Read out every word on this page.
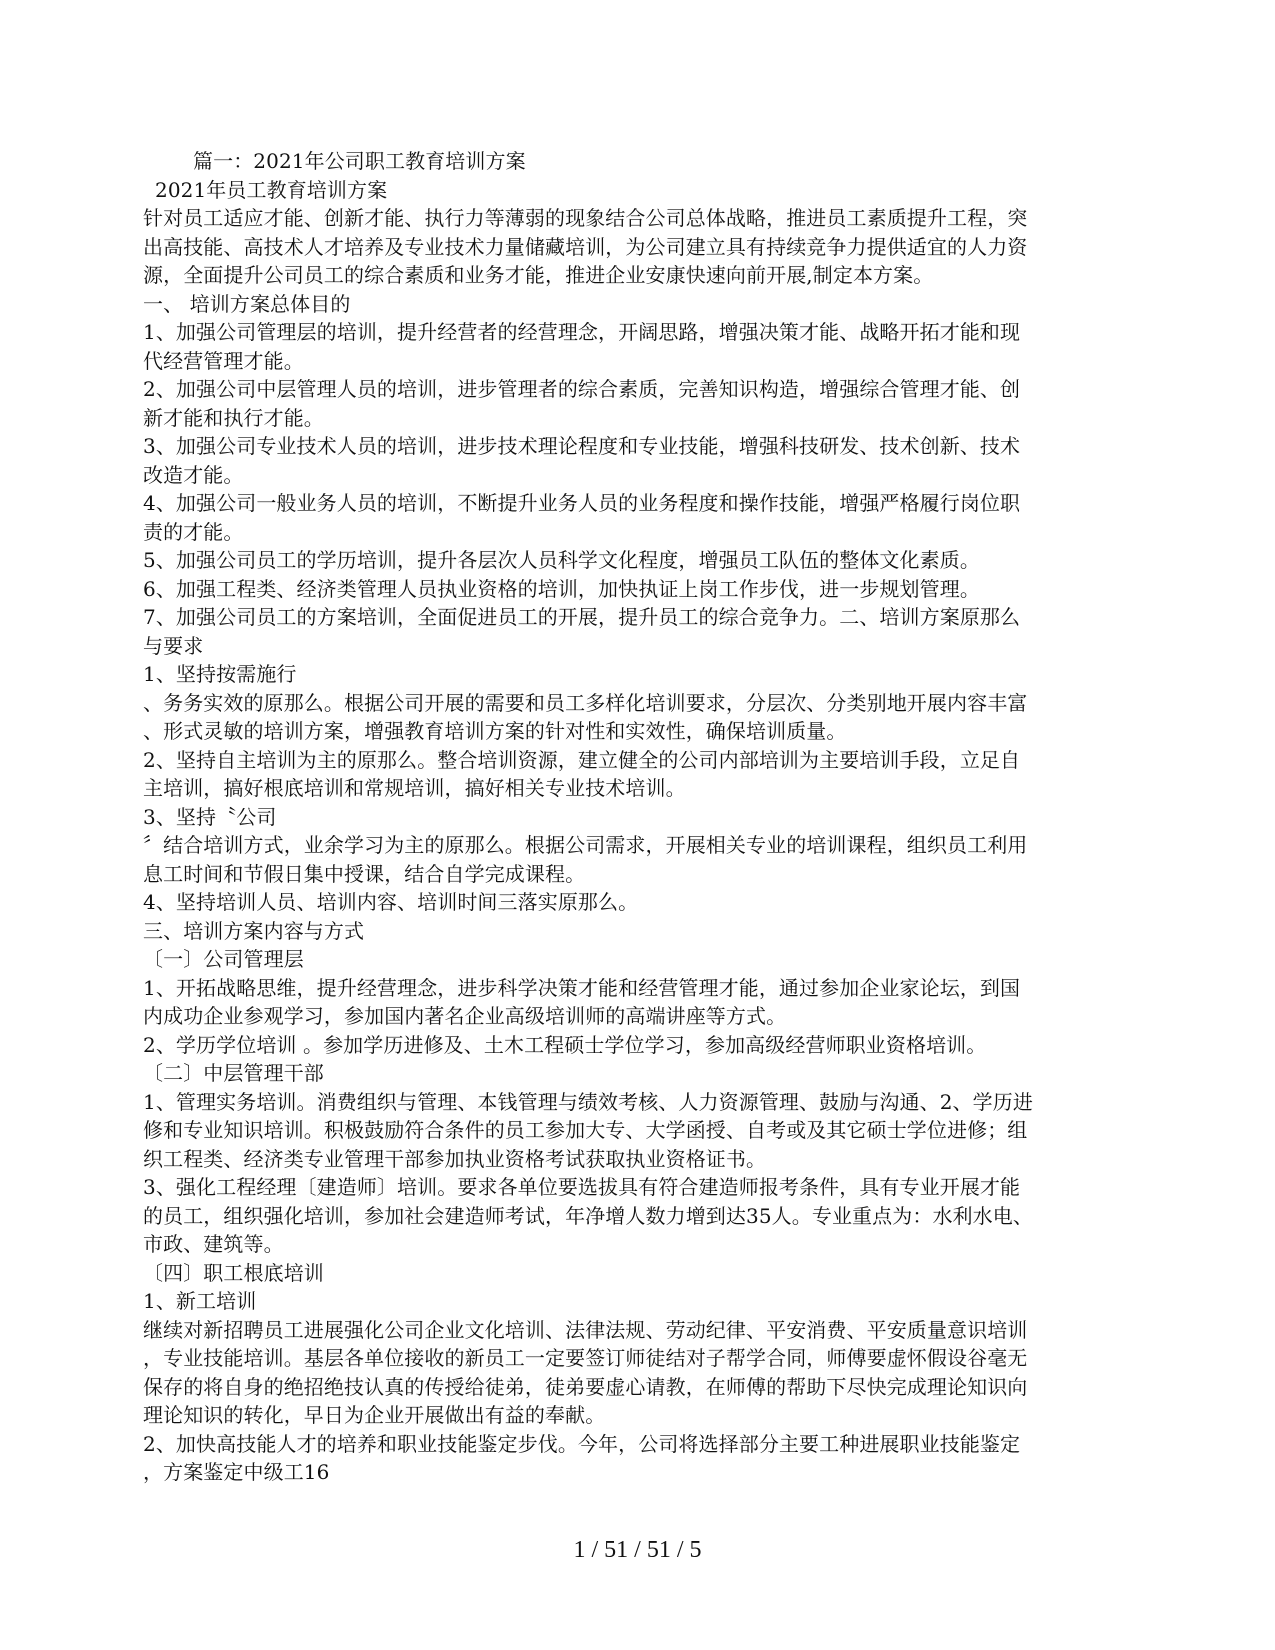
篇一：2021年公司职工教育培训方案
2021年员工教育培训方案
针对员工适应才能、创新才能、执行力等薄弱的现象结合公司总体战略，推进员工素质提升工程，突
出高技能、高技术人才培养及专业技术力量储藏培训，为公司建立具有持续竞争力提供适宜的人力资
源，全面提升公司员工的综合素质和业务才能，推进企业安康快速向前开展,制定本方案。
一、 培训方案总体目的
1、加强公司管理层的培训，提升经营者的经营理念，开阔思路，增强决策才能、战略开拓才能和现
代经营管理才能。
2、加强公司中层管理人员的培训，进步管理者的综合素质，完善知识构造，增强综合管理才能、创
新才能和执行才能。
3、加强公司专业技术人员的培训，进步技术理论程度和专业技能，增强科技研发、技术创新、技术
改造才能。
4、加强公司一般业务人员的培训，不断提升业务人员的业务程度和操作技能，增强严格履行岗位职
责的才能。
5、加强公司员工的学历培训，提升各层次人员科学文化程度，增强员工队伍的整体文化素质。
6、加强工程类、经济类管理人员执业资格的培训，加快执证上岗工作步伐，进一步规划管理。
7、加强公司员工的方案培训，全面促进员工的开展，提升员工的综合竞争力。二、培训方案原那么
与要求
1、坚持按需施行
、务务实效的原那么。根据公司开展的需要和员工多样化培训要求，分层次、分类别地开展内容丰富
、形式灵敏的培训方案，增强教育培训方案的针对性和实效性，确保培训质量。
2、坚持自主培训为主的原那么。整合培训资源，建立健全的公司内部培训为主要培训手段，立足自
主培训，搞好根底培训和常规培训，搞好相关专业技术培训。
3、坚持〝公司
〞结合培训方式，业余学习为主的原那么。根据公司需求，开展相关专业的培训课程，组织员工利用
息工时间和节假日集中授课，结合自学完成课程。
4、坚持培训人员、培训内容、培训时间三落实原那么。
三、培训方案内容与方式
〔一〕公司管理层
1、开拓战略思维，提升经营理念，进步科学决策才能和经营管理才能，通过参加企业家论坛，到国
内成功企业参观学习，参加国内著名企业高级培训师的高端讲座等方式。
2、学历学位培训 。参加学历进修及、土木工程硕士学位学习，参加高级经营师职业资格培训。
〔二〕中层管理干部
1、管理实务培训。消费组织与管理、本钱管理与绩效考核、人力资源管理、鼓励与沟通、2、学历进
修和专业知识培训。积极鼓励符合条件的员工参加大专、大学函授、自考或及其它硕士学位进修；组
织工程类、经济类专业管理干部参加执业资格考试获取执业资格证书。
3、强化工程经理〔建造师〕培训。要求各单位要选拔具有符合建造师报考条件，具有专业开展才能
的员工，组织强化培训，参加社会建造师考试，年净增人数力增到达35人。专业重点为：水利水电、
市政、建筑等。
〔四〕职工根底培训
1、新工培训
继续对新招聘员工进展强化公司企业文化培训、法律法规、劳动纪律、平安消费、平安质量意识培训
，专业技能培训。基层各单位接收的新员工一定要签订师徒结对子帮学合同，师傅要虚怀假设谷毫无
保存的将自身的绝招绝技认真的传授给徒弟，徒弟要虚心请教，在师傅的帮助下尽快完成理论知识向
理论知识的转化，早日为企业开展做出有益的奉献。
2、加快高技能人才的培养和职业技能鉴定步伐。今年，公司将选择部分主要工种进展职业技能鉴定
，方案鉴定中级工16
1 / 51 / 51 / 5
